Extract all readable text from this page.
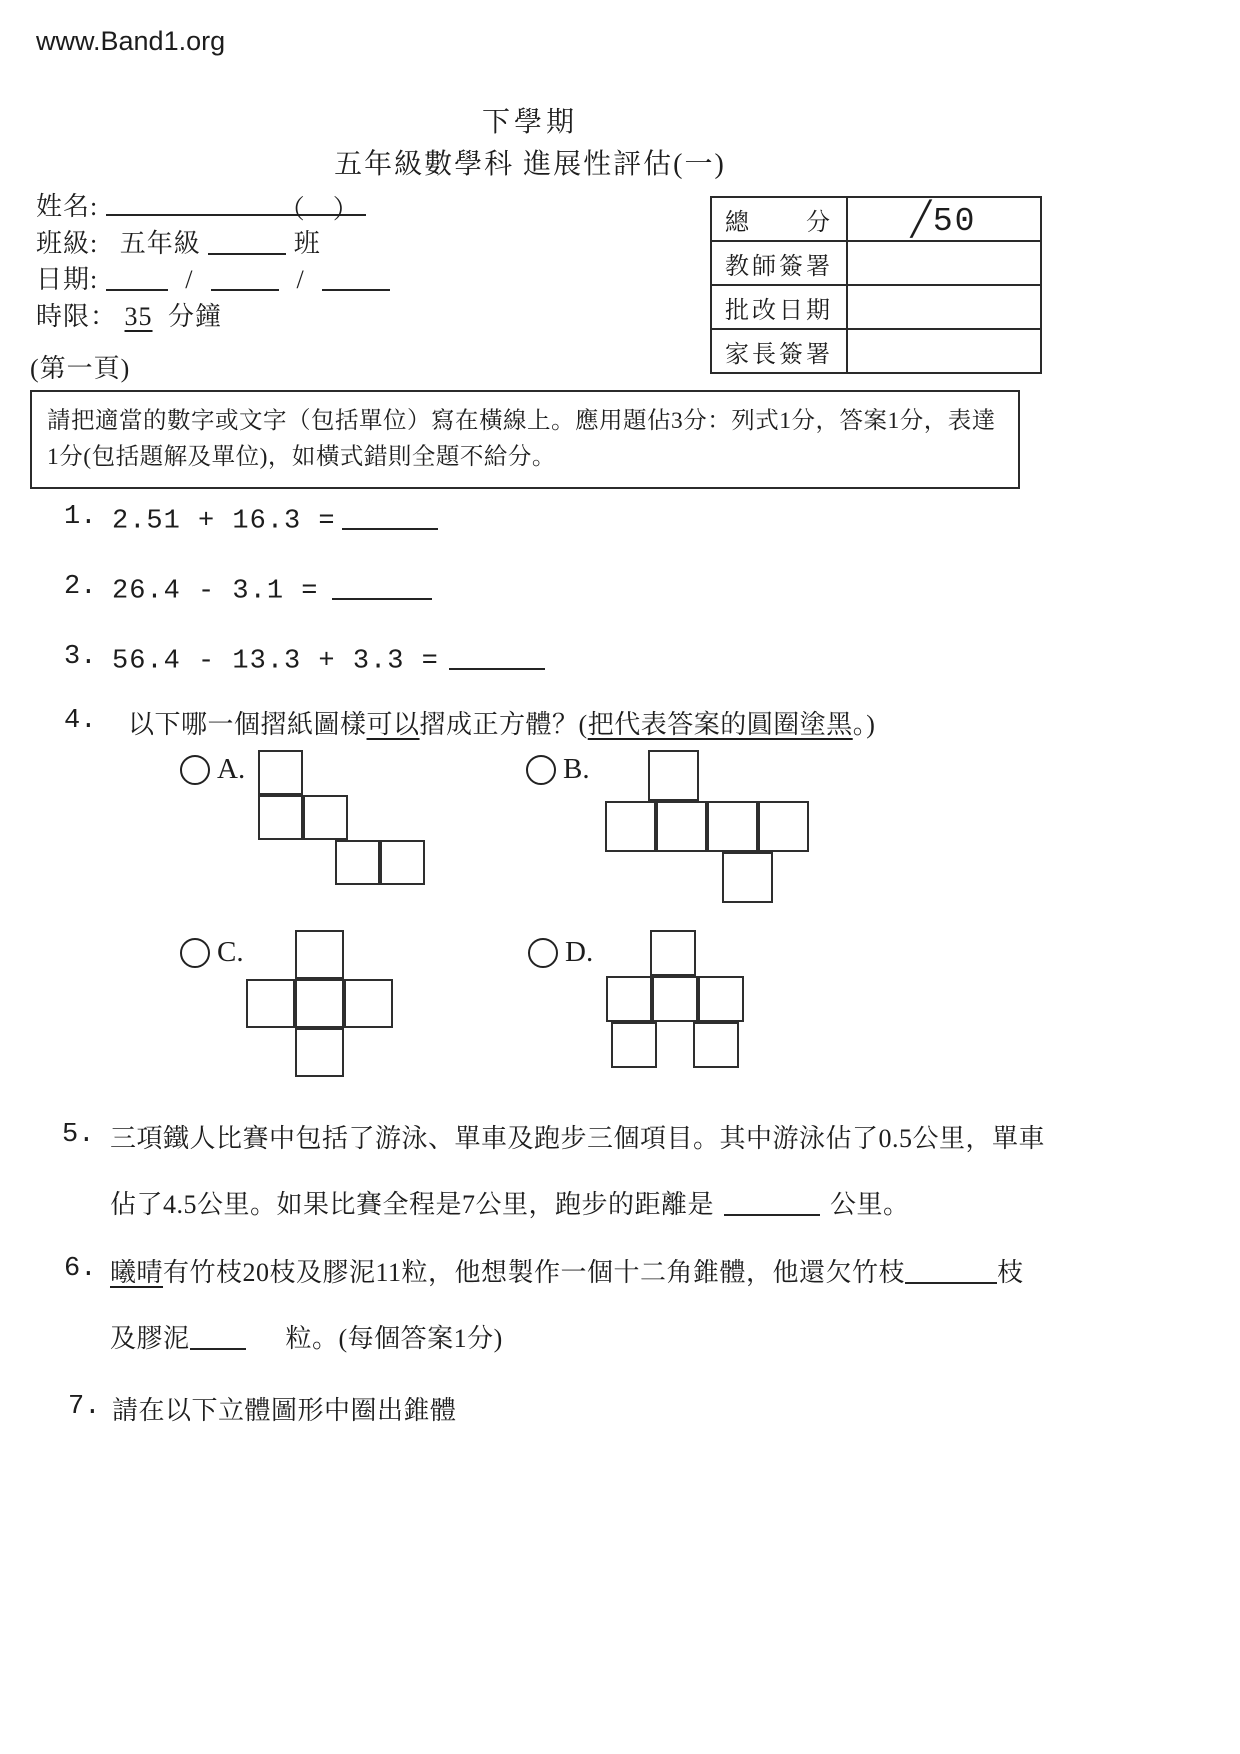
www.Band1.org
下學期
五年級數學科 進展性評估(一)
姓名:	（　）
班級: 五年級	班
日期:	/	/
時限： 35 分鐘
(第一頁)
總　　分	╱50
教師簽署	
批改日期	
家長簽署	
請把適當的數字或文字（包括單位）寫在橫線上。應用題佔3分：列式1分，答案1分，表達1分(包括題解及單位)，如橫式錯則全題不給分。
1. 2.51 + 16.3 =
2. 26.4 - 3.1 =
3. 56.4 - 13.3 + 3.3 =
4. 以下哪一個摺紙圖樣可以摺成正方體？(把代表答案的圓圈塗黑。)
A.	B.
C.	D.
5. 三項鐵人比賽中包括了游泳、單車及跑步三個項目。其中游泳佔了0.5公里，單車
佔了4.5公里。如果比賽全程是7公里，跑步的距離是	公里。
6. 曦晴有竹枝20枝及膠泥11粒，他想製作一個十二角錐體，他還欠竹枝	枝
及膠泥	粒。(每個答案1分)
7. 請在以下立體圖形中圈出錐體
